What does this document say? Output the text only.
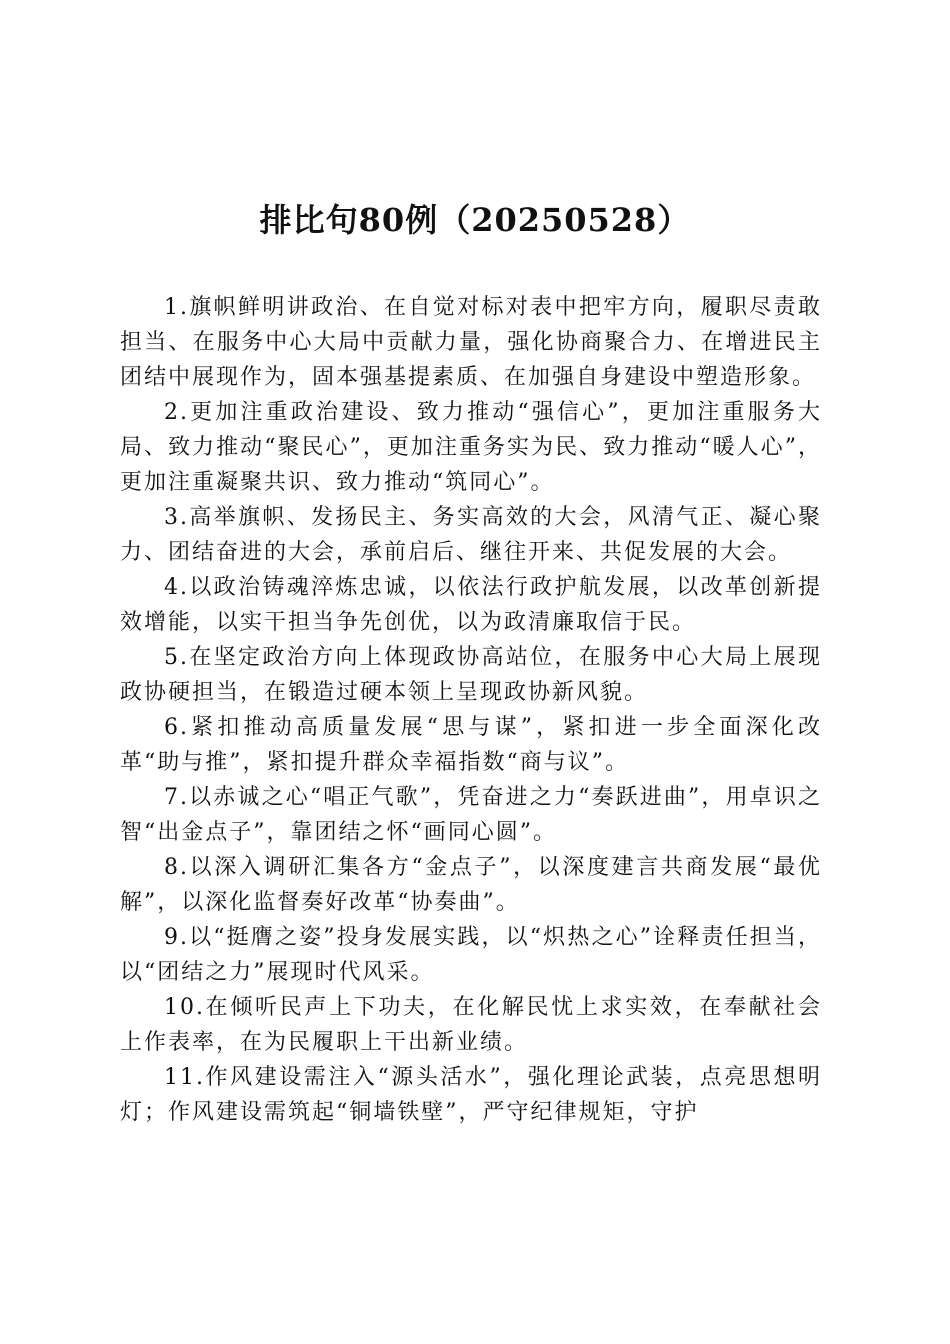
排比句80例（20250528）

1.旗帜鲜明讲政治、在自觉对标对表中把牢方向，履职尽责敢担当、在服务中心大局中贡献力量，强化协商聚合力、在增进民主团结中展现作为，固本强基提素质、在加强自身建设中塑造形象。

2.更加注重政治建设、致力推动“强信心”，更加注重服务大局、致力推动“聚民心”，更加注重务实为民、致力推动“暖人心”，更加注重凝聚共识、致力推动“筑同心”。

3.高举旗帜、发扬民主、务实高效的大会，风清气正、凝心聚力、团结奋进的大会，承前启后、继往开来、共促发展的大会。

4.以政治铸魂淬炼忠诚，以依法行政护航发展，以改革创新提效增能，以实干担当争先创优，以为政清廉取信于民。

5.在坚定政治方向上体现政协高站位，在服务中心大局上展现政协硬担当，在锻造过硬本领上呈现政协新风貌。

6.紧扣推动高质量发展“思与谋”，紧扣进一步全面深化改革“助与推”，紧扣提升群众幸福指数“商与议”。

7.以赤诚之心“唱正气歌”，凭奋进之力“奏跃进曲”，用卓识之智“出金点子”，靠团结之怀“画同心圆”。

8.以深入调研汇集各方“金点子”，以深度建言共商发展“最优解”，以深化监督奏好改革“协奏曲”。

9.以“挺膺之姿”投身发展实践，以“炽热之心”诠释责任担当，以“团结之力”展现时代风采。

10.在倾听民声上下功夫，在化解民忧上求实效，在奉献社会上作表率，在为民履职上干出新业绩。

11.作风建设需注入“源头活水”，强化理论武装，点亮思想明灯；作风建设需筑起“铜墙铁壁”，严守纪律规矩，守护
